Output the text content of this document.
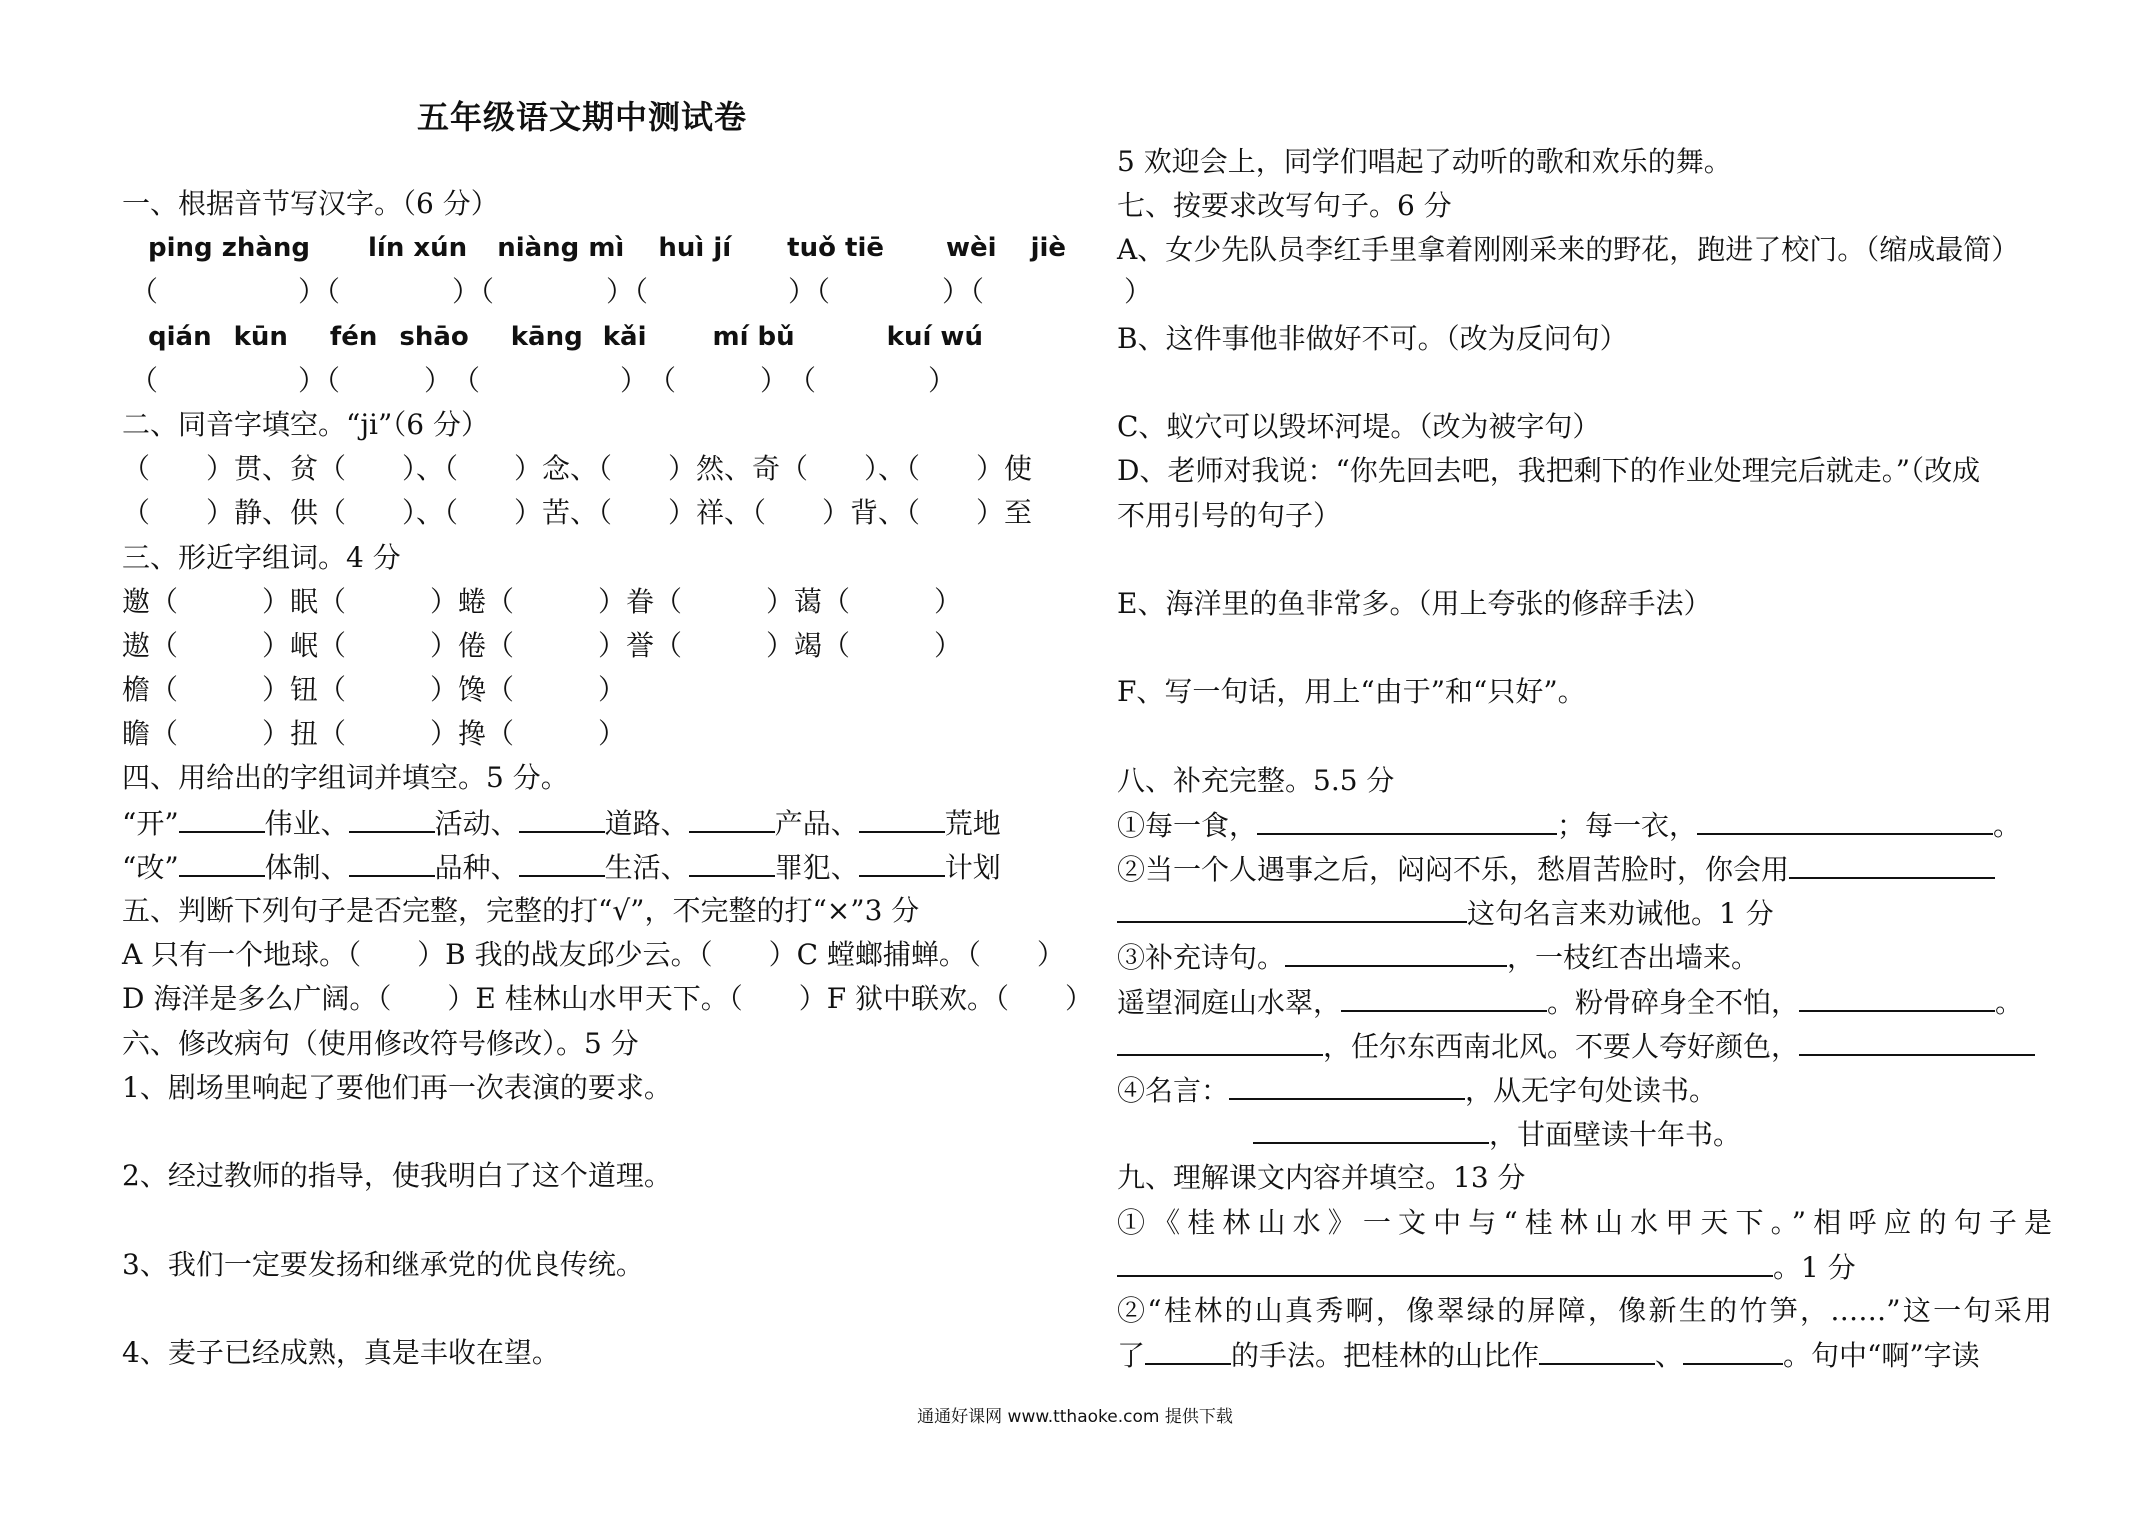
五年级语文期中测试卷
一、根据音节写汉字。（6 分）
ping zhàng lín xún niàng mì huì jí tuǒ tiē wèi jiè
（　　　　　）（　　　　）（　　　　）（　　　　　）（　　　　）（　　　　　）
qián kūn fén shāo kāng kǎi	mí bǔ	kuí wú
（　　　　　）（　　　）　（　　　　　）　（　　　）　（　　　　）
二、同音字填空。“ji”（6 分）
（　　）贯、贫（　　）、（　　）念、（　　）然、奇（　　）、（　　）使
（　　）静、供（　　）、（　　）苦、（　　）祥、（　　）背、（　　）至
三、形近字组词。4 分
邀（　　　）眠（　　　）蜷（　　　）眷（　　　）蔼（　　　）
遨（　　　）岷（　　　）倦（　　　）誉（　　　）竭（　　　）
檐（　　　）钮（　　　）馋（　　　）
瞻（　　　）扭（　　　）搀（　　　）
四、用给出的字组词并填空。5 分。
“开”	伟业、	活动、	道路、	产品、	荒地
“改”	体制、	品种、	生活、	罪犯、	计划
五、判断下列句子是否完整，完整的打“√”，不完整的打“×”3 分
A 只有一个地球。（　　）B 我的战友邱少云。（　　）C 螳螂捕蝉。（　　）
D 海洋是多么广阔。（　　）E 桂林山水甲天下。（　　）F 狱中联欢。（　　）
六、修改病句（使用修改符号修改）。5 分
1、剧场里响起了要他们再一次表演的要求。
2、经过教师的指导，使我明白了这个道理。
3、我们一定要发扬和继承党的优良传统。
4、麦子已经成熟，真是丰收在望。
5 欢迎会上，同学们唱起了动听的歌和欢乐的舞。
七、按要求改写句子。6 分
A、女少先队员李红手里拿着刚刚采来的野花，跑进了校门。（缩成最简）
B、这件事他非做好不可。（改为反问句）
C、蚁穴可以毁坏河堤。（改为被字句）
D、老师对我说：“你先回去吧，我把剩下的作业处理完后就走。”（改成
不用引号的句子）
E、海洋里的鱼非常多。（用上夸张的修辞手法）
F、写一句话，用上“由于”和“只好”。
八、补充完整。5.5 分
①每一食，	；每一衣，	。
②当一个人遇事之后，闷闷不乐，愁眉苦脸时，你会用
这句名言来劝诫他。1 分
③补充诗句。	，一枝红杏出墙来。
遥望洞庭山水翠，	。粉骨碎身全不怕，	。
，任尔东西南北风。不要人夸好颜色，
④名言：	，从无字句处读书。
，甘面壁读十年书。
九、理解课文内容并填空。13 分
①《桂林山水》一文中与“桂林山水甲天下。”相呼应的句子是
。1 分
②“桂林的山真秀啊，像翠绿的屏障，像新生的竹笋，……”这一句采用
了	的手法。把桂林的山比作	、	。句中“啊”字读
通通好课网 www.tthaoke.com 提供下载
